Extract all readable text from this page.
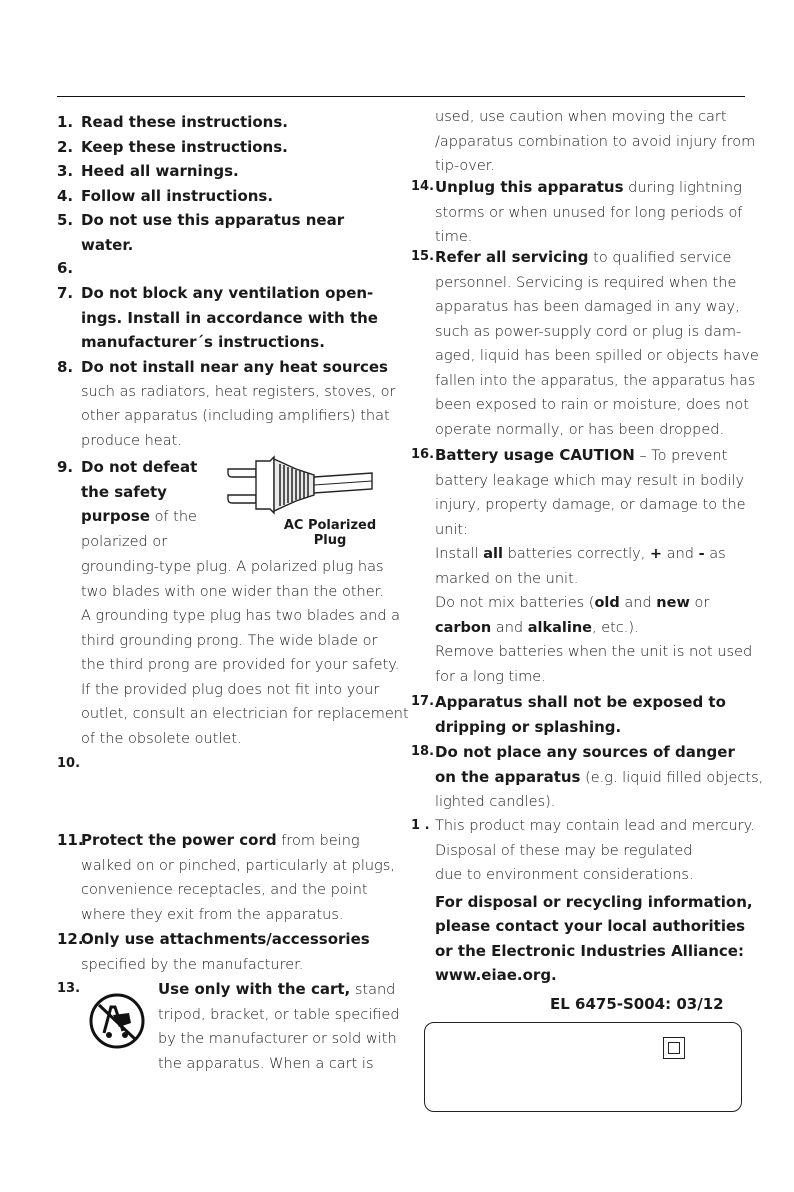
1. Read these instructions.
2. Keep these instructions.
3. Heed all warnings.
4. Follow all instructions.
5. Do not use this apparatus near
water.
6.
7. Do not block any ventilation open-
ings. Install in accordance with the
manufacturer´s instructions.
8. Do not install near any heat sources
such as radiators, heat registers, stoves, or
other apparatus (including amplifiers) that
produce heat.
9. Do not defeat
the safety
purpose of the
polarized or
AC Polarized
Plug
grounding-type plug. A polarized plug has
two blades with one wider than the other.
A grounding type plug has two blades and a
third grounding prong. The wide blade or
the third prong are provided for your safety.
If the provided plug does not fit into your
outlet, consult an electrician for replacement
of the obsolete outlet.
10.
11.
Protect the power cord from being
walked on or pinched, particularly at plugs,
convenience receptacles, and the point
where they exit from the apparatus.
12.
Only use attachments/accessories
specified by the manufacturer.
13.	Use only with the cart, stand
tripod, bracket, or table specified
by the manufacturer or sold with
the apparatus. When a cart is
used, use caution when moving the cart
/apparatus combination to avoid injury from
tip-over.
14. Unplug this apparatus during lightning
storms or when unused for long periods of
time.
15. Refer all servicing to qualified service
personnel. Servicing is required when the
apparatus has been damaged in any way,
such as power-supply cord or plug is dam-
aged, liquid has been spilled or objects have
fallen into the apparatus, the apparatus has
been exposed to rain or moisture, does not
operate normally, or has been dropped.
16. Battery usage CAUTION – To prevent
battery leakage which may result in bodily
injury, property damage, or damage to the
unit:
Install all batteries correctly, + and - as
marked on the unit.
Do not mix batteries (old and new or
carbon and alkaline, etc.).
Remove batteries when the unit is not used
for a long time.
17. Apparatus shall not be exposed to
dripping or splashing.
18. Do not place any sources of danger
on the apparatus (e.g. liquid filled objects,
lighted candles).
1 . This product may contain lead and mercury.
Disposal of these may be regulated
due to environment considerations.
For disposal or recycling information,
please contact your local authorities
or the Electronic Industries Alliance:
www.eiae.org.
EL 6475-S004: 03/12
